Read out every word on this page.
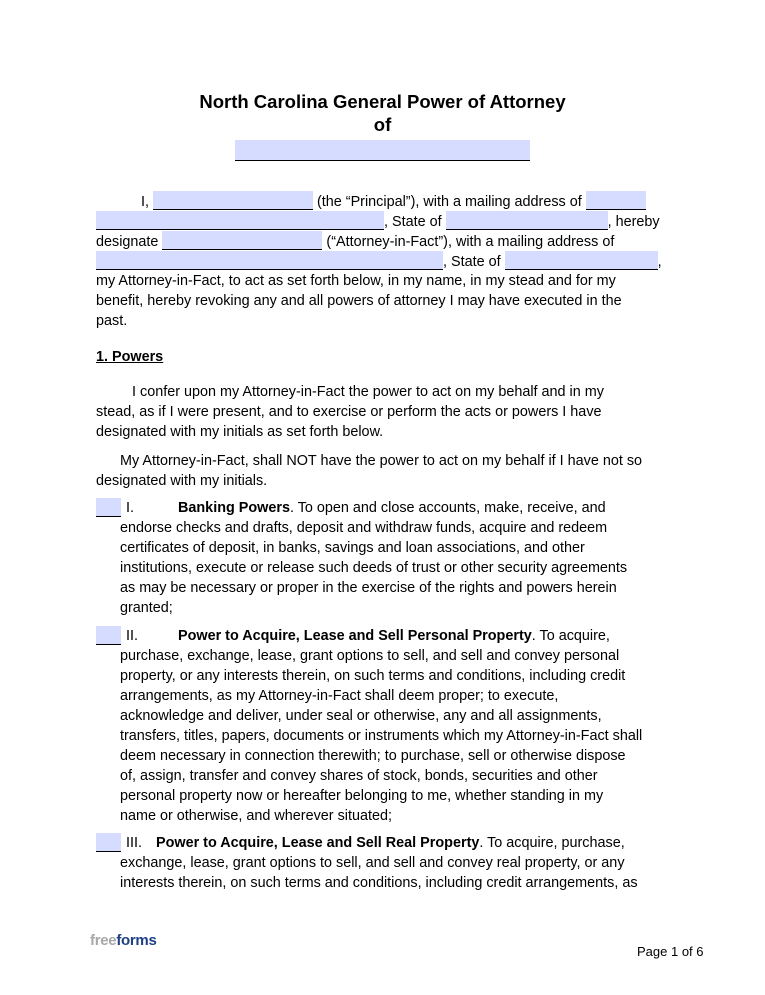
North Carolina General Power of Attorney
of
I,	(the “Principal”), with a mailing address of
, State of	, hereby
designate	(“Attorney-in-Fact”), with a mailing address of
, State of	,
my Attorney-in-Fact, to act as set forth below, in my name, in my stead and for my
benefit, hereby revoking any and all powers of attorney I may have executed in the
past.
1. Powers
I confer upon my Attorney-in-Fact the power to act on my behalf and in my
stead, as if I were present, and to exercise or perform the acts or powers I have
designated with my initials as set forth below.
My Attorney-in-Fact, shall NOT have the power to act on my behalf if I have not so
designated with my initials.
I.	Banking Powers. To open and close accounts, make, receive, and
endorse checks and drafts, deposit and withdraw funds, acquire and redeem
certificates of deposit, in banks, savings and loan associations, and other
institutions, execute or release such deeds of trust or other security agreements
as may be necessary or proper in the exercise of the rights and powers herein
granted;
II.	Power to Acquire, Lease and Sell Personal Property. To acquire,
purchase, exchange, lease, grant options to sell, and sell and convey personal
property, or any interests therein, on such terms and conditions, including credit
arrangements, as my Attorney-in-Fact shall deem proper; to execute,
acknowledge and deliver, under seal or otherwise, any and all assignments,
transfers, titles, papers, documents or instruments which my Attorney-in-Fact shall
deem necessary in connection therewith; to purchase, sell or otherwise dispose
of, assign, transfer and convey shares of stock, bonds, securities and other
personal property now or hereafter belonging to me, whether standing in my
name or otherwise, and wherever situated;
III. Power to Acquire, Lease and Sell Real Property. To acquire, purchase,
exchange, lease, grant options to sell, and sell and convey real property, or any
interests therein, on such terms and conditions, including credit arrangements, as
freeforms
Page 1 of 6
